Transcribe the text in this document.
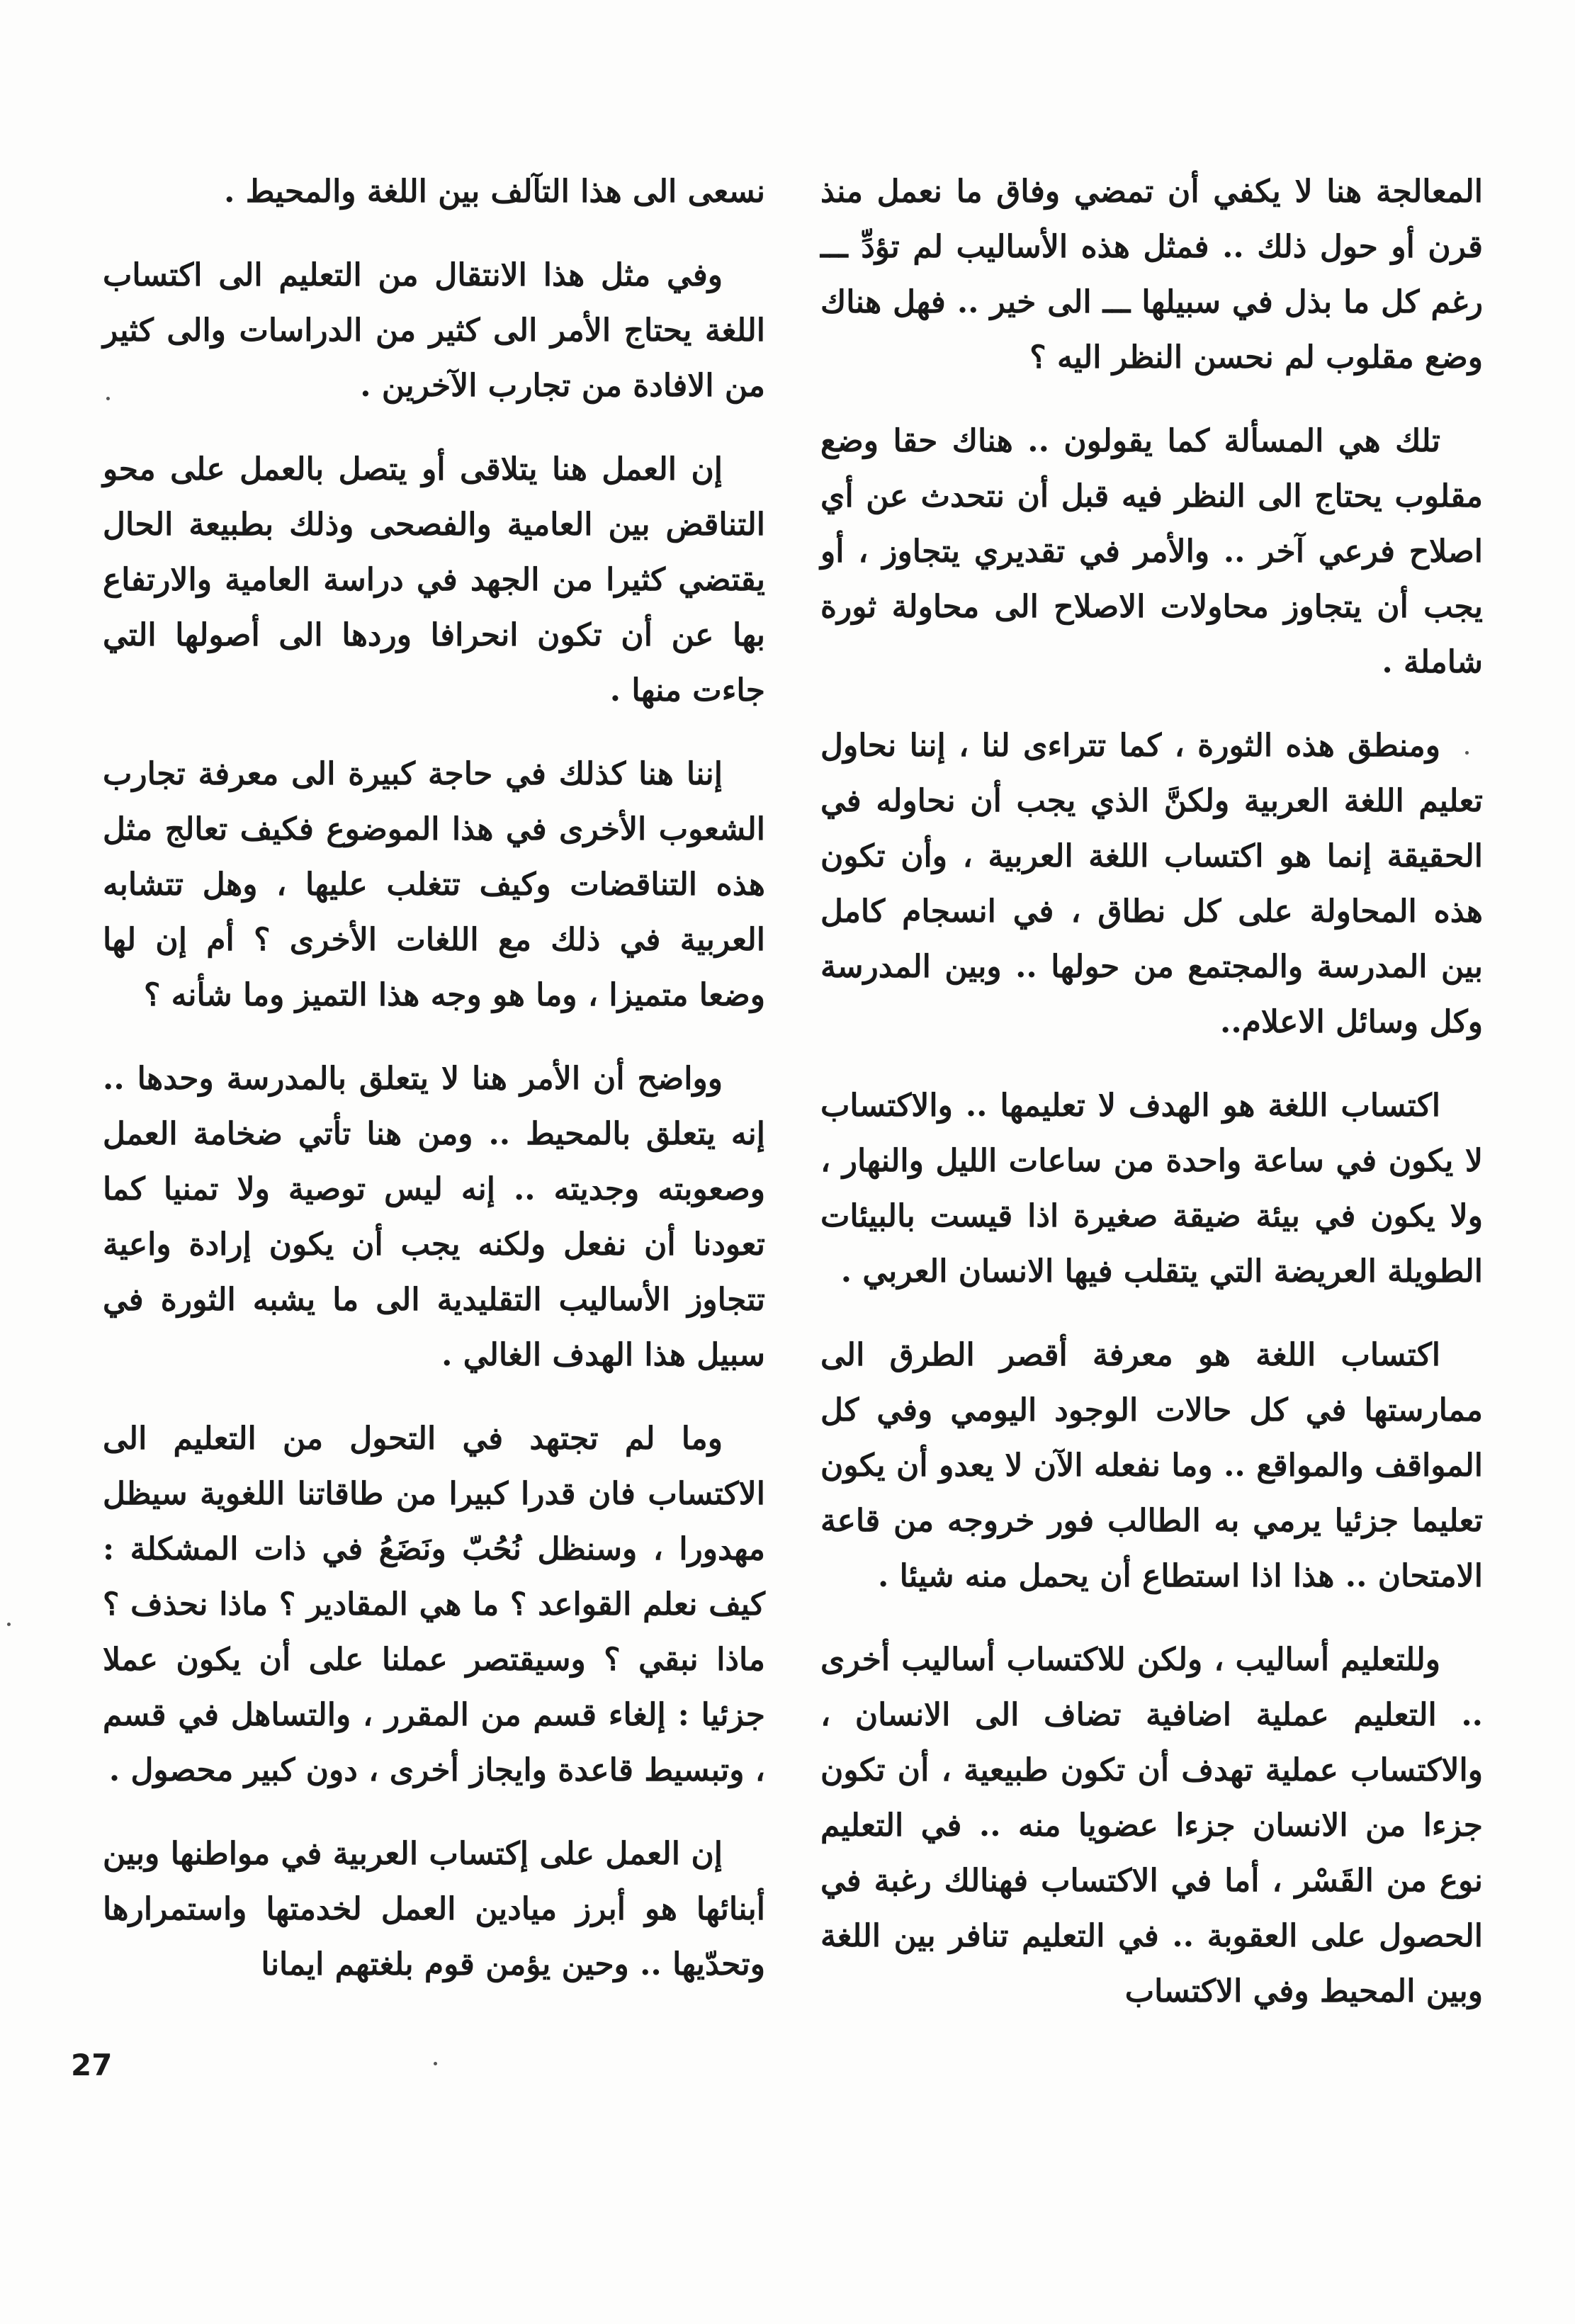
المعالجة هنا لا يكفي أن تمضي وفاق ما نعمل منذ قرن أو حول ذلك .. فمثل هذه الأساليب لم تؤدِّ ـــ رغم كل ما بذل في سبيلها ـــ الى خير .. فهل هناك وضع مقلوب لم نحسن النظر اليه ؟

تلك هي المسألة كما يقولون .. هناك حقا وضع مقلوب يحتاج الى النظر فيه قبل أن نتحدث عن أي اصلاح فرعي آخر .. والأمر في تقديري يتجاوز ، أو يجب أن يتجاوز محاولات الاصلاح الى محاولة ثورة شاملة .

ومنطق هذه الثورة ، كما تتراءى لنا ، إننا نحاول تعليم اللغة العربية ولكنَّ الذي يجب أن نحاوله في الحقيقة إنما هو اكتساب اللغة العربية ، وأن تكون هذه المحاولة على كل نطاق ، في انسجام كامل بين المدرسة والمجتمع من حولها .. وبين المدرسة وكل وسائل الاعلام..

اكتساب اللغة هو الهدف لا تعليمها .. والاكتساب لا يكون في ساعة واحدة من ساعات الليل والنهار ، ولا يكون في بيئة ضيقة صغيرة اذا قيست بالبيئات الطويلة العريضة التي يتقلب فيها الانسان العربي .

اكتساب اللغة هو معرفة أقصر الطرق الى ممارستها في كل حالات الوجود اليومي وفي كل المواقف والمواقع .. وما نفعله الآن لا يعدو أن يكون تعليما جزئيا يرمي به الطالب فور خروجه من قاعة الامتحان .. هذا اذا استطاع أن يحمل منه شيئا .

وللتعليم أساليب ، ولكن للاكتساب أساليب أخرى .. التعليم عملية اضافية تضاف الى الانسان ، والاكتساب عملية تهدف أن تكون طبيعية ، أن تكون جزءا من الانسان جزءا عضويا منه .. في التعليم نوع من القَسْر ، أما في الاكتساب فهنالك رغبة في الحصول على العقوبة .. في التعليم تنافر بين اللغة وبين المحيط وفي الاكتساب

نسعى الى هذا التآلف بين اللغة والمحيط .

وفي مثل هذا الانتقال من التعليم الى اكتساب اللغة يحتاج الأمر الى كثير من الدراسات والى كثير من الافادة من تجارب الآخرين .

إن العمل هنا يتلاقى أو يتصل بالعمل على محو التناقض بين العامية والفصحى وذلك بطبيعة الحال يقتضي كثيرا من الجهد في دراسة العامية والارتفاع بها عن أن تكون انحرافا وردها الى أصولها التي جاءت منها .

إننا هنا كذلك في حاجة كبيرة الى معرفة تجارب الشعوب الأخرى في هذا الموضوع فكيف تعالج مثل هذه التناقضات وكيف تتغلب عليها ، وهل تتشابه العربية في ذلك مع اللغات الأخرى ؟ أم إن لها وضعا متميزا ، وما هو وجه هذا التميز وما شأنه ؟

وواضح أن الأمر هنا لا يتعلق بالمدرسة وحدها .. إنه يتعلق بالمحيط .. ومن هنا تأتي ضخامة العمل وصعوبته وجديته .. إنه ليس توصية ولا تمنيا كما تعودنا أن نفعل ولكنه يجب أن يكون إرادة واعية تتجاوز الأساليب التقليدية الى ما يشبه الثورة في سبيل هذا الهدف الغالي .

وما لم تجتهد في التحول من التعليم الى الاكتساب فان قدرا كبيرا من طاقاتنا اللغوية سيظل مهدورا ، وسنظل نُحُبّ ونَضَعُ في ذات المشكلة : كيف نعلم القواعد ؟ ما هي المقادير ؟ ماذا نحذف ؟ ماذا نبقي ؟ وسيقتصر عملنا على أن يكون عملا جزئيا : إلغاء قسم من المقرر ، والتساهل في قسم ، وتبسيط قاعدة وايجاز أخرى ، دون كبير محصول .

إن العمل على إكتساب العربية في مواطنها وبين أبنائها هو أبرز ميادين العمل لخدمتها واستمرارها وتحدّيها .. وحين يؤمن قوم بلغتهم ايمانا

27
